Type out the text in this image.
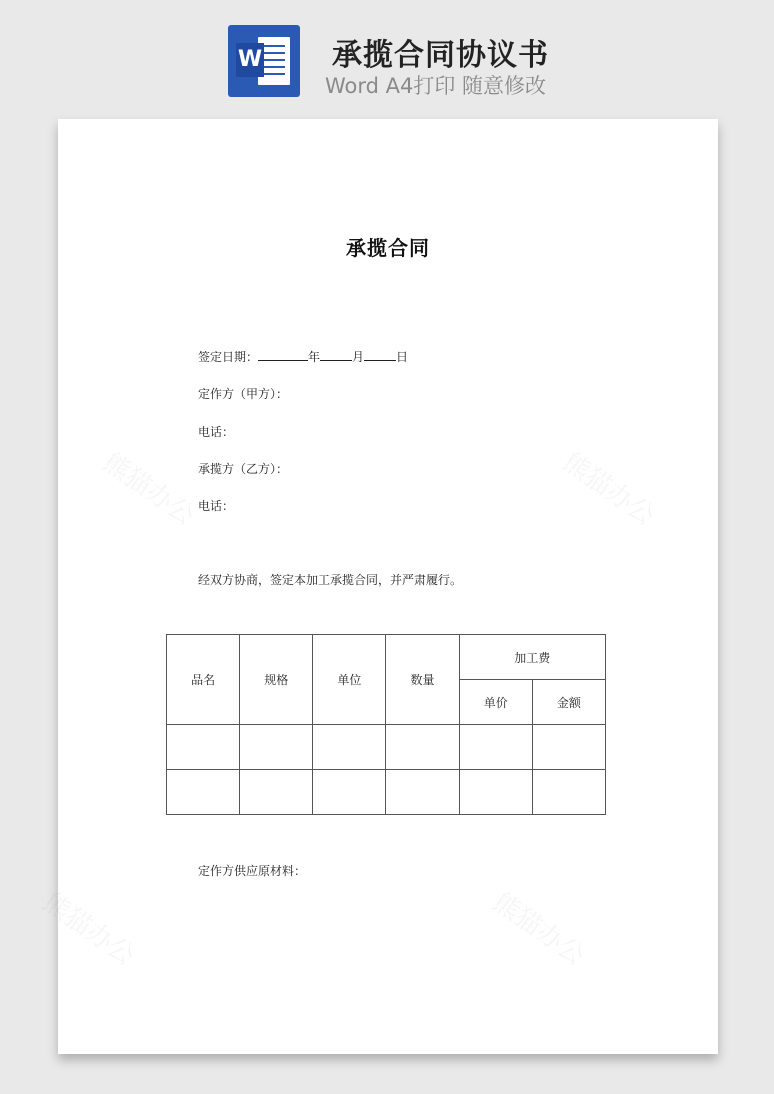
W 承揽合同协议书
Word A4打印 随意修改
熊猫办公	熊猫办公
熊猫办公	熊猫办公
承揽合同
签定日期：	年	月	日
定作方（甲方）：
电话：
承揽方（乙方）：
电话：
经双方协商，签定本加工承揽合同，并严肃履行。
品名	规格	单位	数量	加工费	
				单价	金额

定作方供应原材料：
